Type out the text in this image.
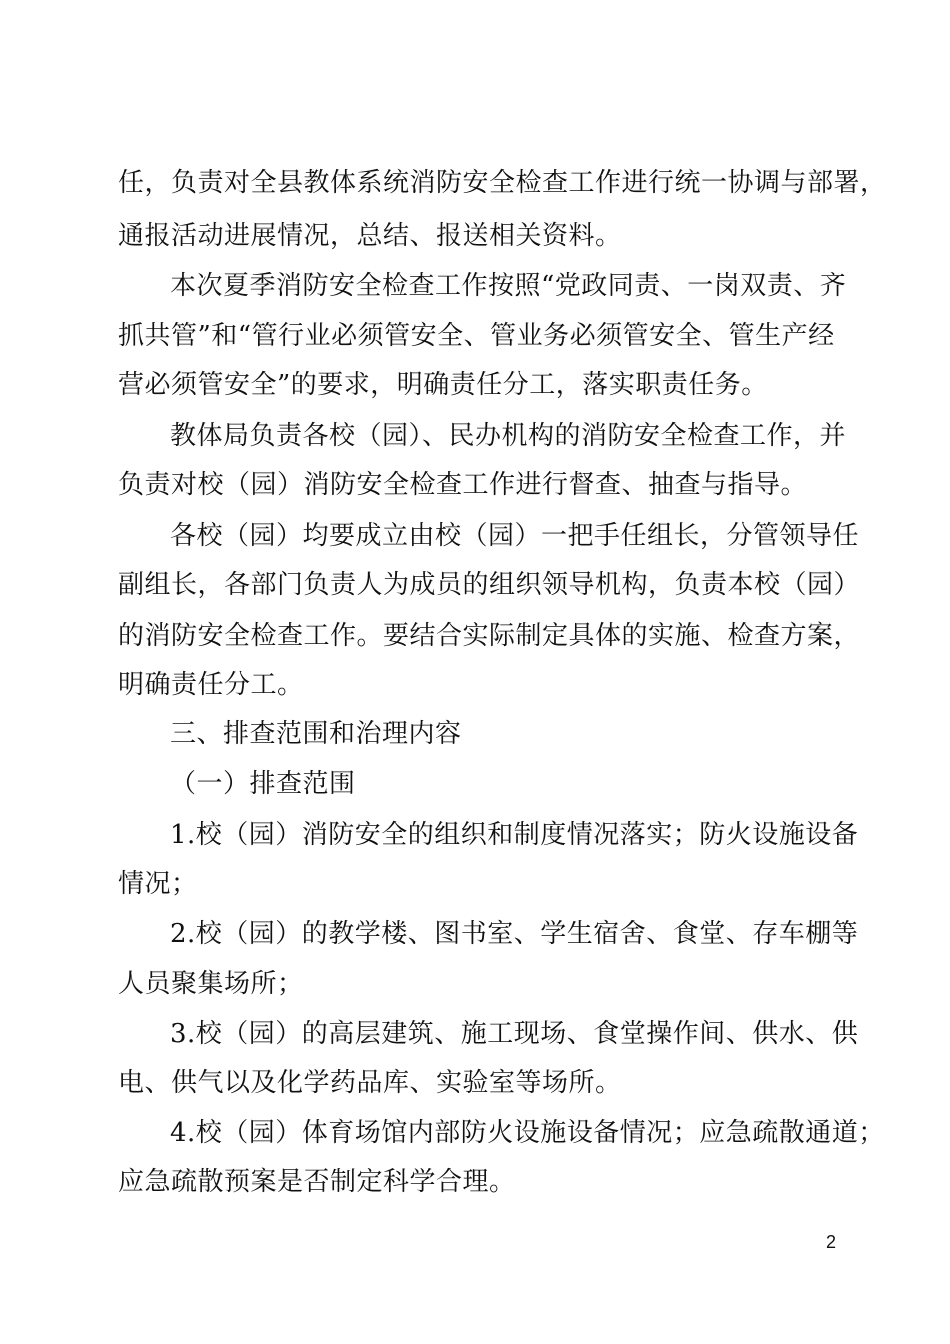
任，负责对全县教体系统消防安全检查工作进行统一协调与部署，
通报活动进展情况，总结、报送相关资料。
本次夏季消防安全检查工作按照“党政同责、一岗双责、齐
抓共管”和“管行业必须管安全、管业务必须管安全、管生产经
营必须管安全”的要求，明确责任分工，落实职责任务。
教体局负责各校（园）、民办机构的消防安全检查工作，并
负责对校（园）消防安全检查工作进行督查、抽查与指导。
各校（园）均要成立由校（园）一把手任组长，分管领导任
副组长，各部门负责人为成员的组织领导机构，负责本校（园）
的消防安全检查工作。要结合实际制定具体的实施、检查方案，
明确责任分工。
三、排查范围和治理内容
（一）排查范围
1.校（园）消防安全的组织和制度情况落实；防火设施设备
情况；
2.校（园）的教学楼、图书室、学生宿舍、食堂、存车棚等
人员聚集场所；
3.校（园）的高层建筑、施工现场、食堂操作间、供水、供
电、供气以及化学药品库、实验室等场所。
4.校（园）体育场馆内部防火设施设备情况；应急疏散通道；
应急疏散预案是否制定科学合理。
2
